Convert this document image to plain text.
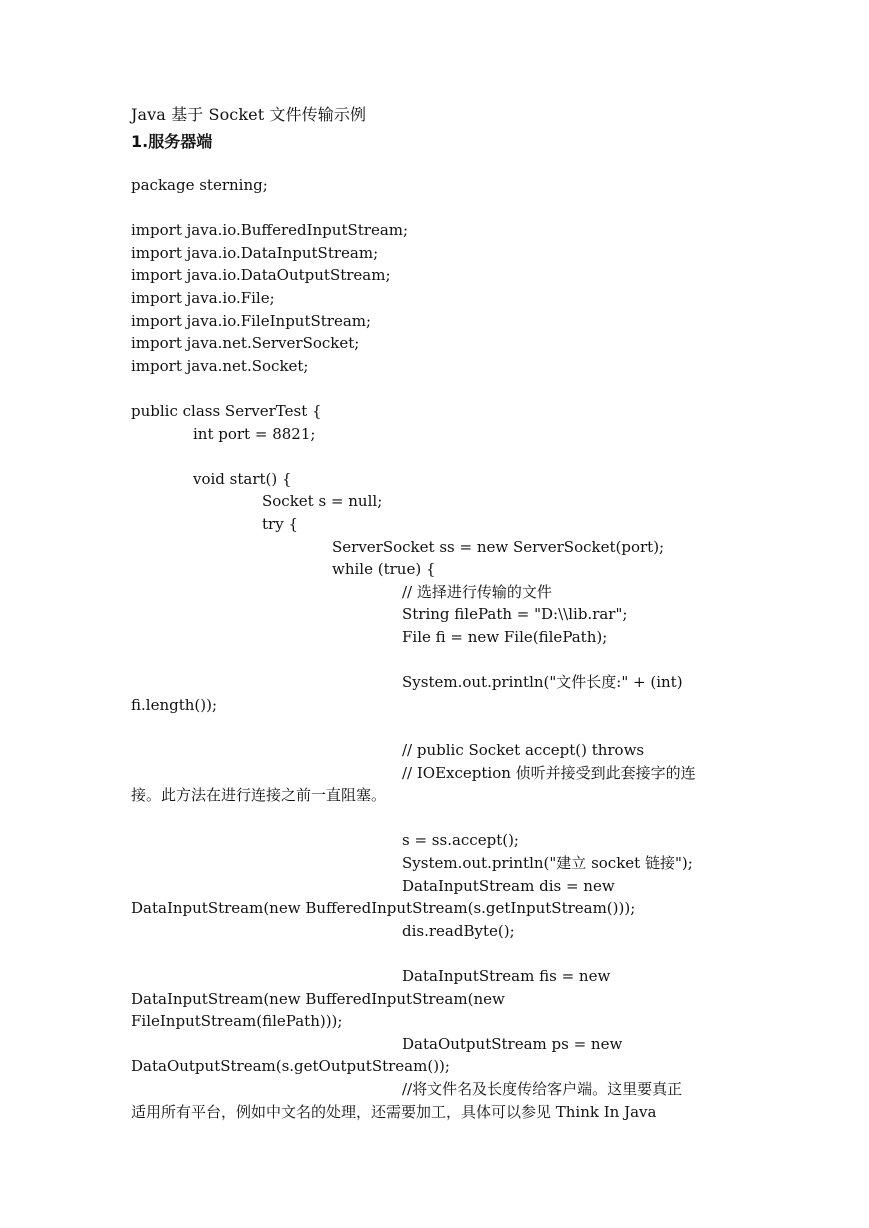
Java 基于 Socket 文件传输示例
1.服务器端
package sterning;
import java.io.BufferedInputStream;
import java.io.DataInputStream;
import java.io.DataOutputStream;
import java.io.File;
import java.io.FileInputStream;
import java.net.ServerSocket;
import java.net.Socket;
public class ServerTest {
int port = 8821;
void start() {
Socket s = null;
try {
ServerSocket ss = new ServerSocket(port);
while (true) {
// 选择进行传输的文件
String filePath = "D:\\lib.rar";
File fi = new File(filePath);
System.out.println("文件长度:" + (int)
fi.length());
// public Socket accept() throws
// IOException 侦听并接受到此套接字的连
接。此方法在进行连接之前一直阻塞。
s = ss.accept();
System.out.println("建立 socket 链接");
DataInputStream dis = new
DataInputStream(new BufferedInputStream(s.getInputStream()));
dis.readByte();
DataInputStream fis = new
DataInputStream(new BufferedInputStream(new
FileInputStream(filePath)));
DataOutputStream ps = new
DataOutputStream(s.getOutputStream());
//将文件名及长度传给客户端。这里要真正
适用所有平台，例如中文名的处理，还需要加工，具体可以参见 Think In Java
